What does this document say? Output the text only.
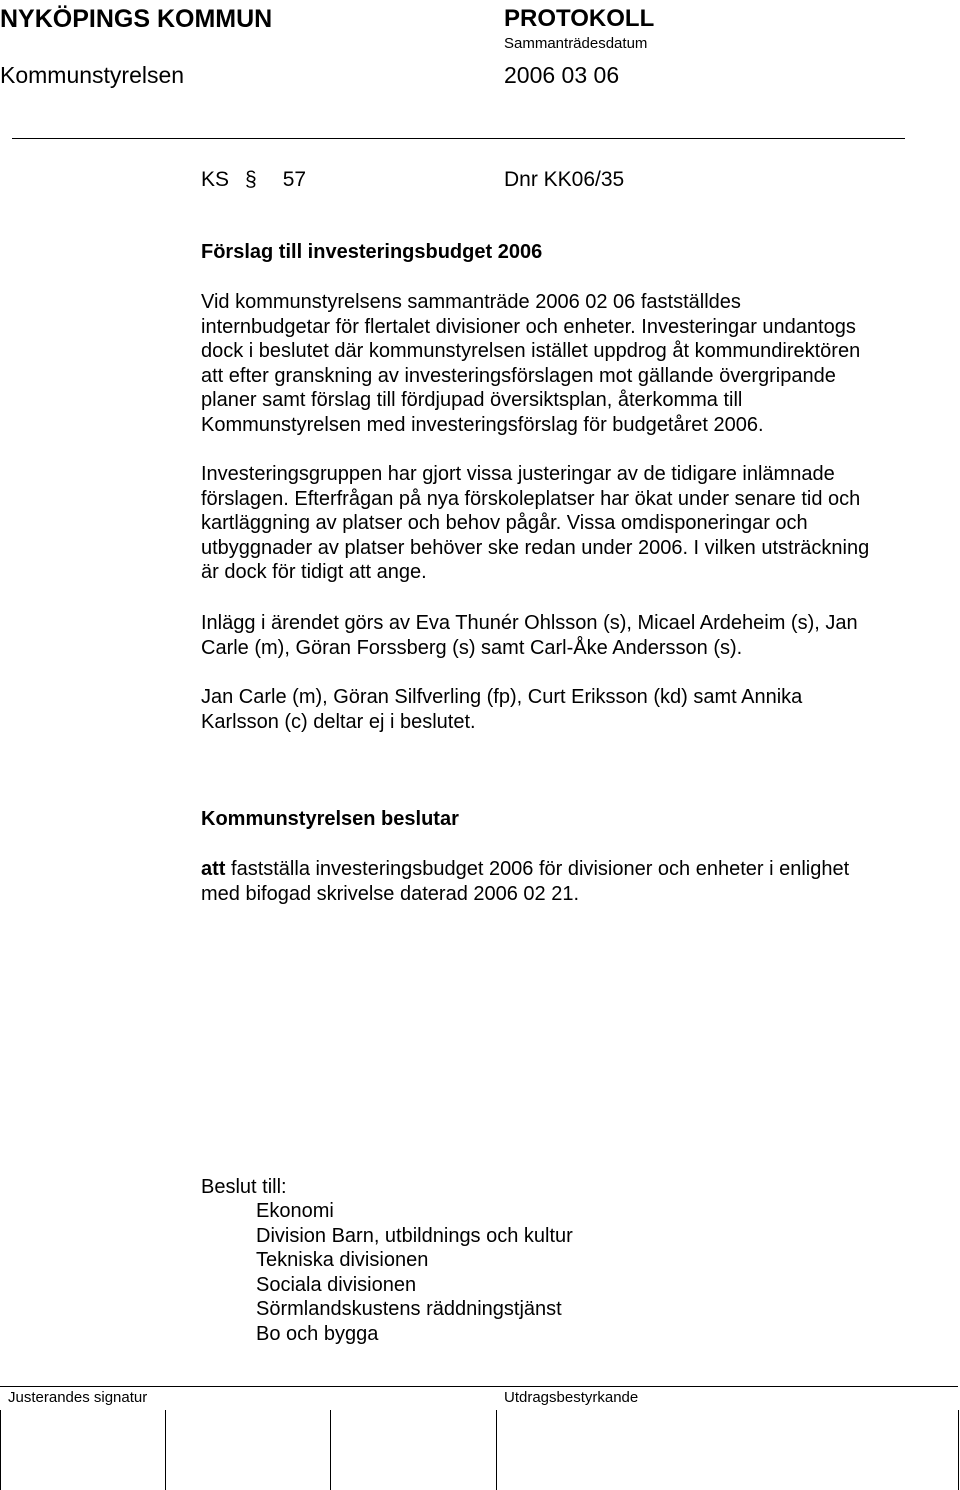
NYKÖPINGS KOMMUN	PROTOKOLL
Sammanträdesdatum
Kommunstyrelsen	2006 03 06
KS § 57	Dnr KK06/35
Förslag till investeringsbudget 2006
Vid kommunstyrelsens sammanträde 2006 02 06 fastställdes
internbudgetar för flertalet divisioner och enheter. Investeringar undantogs
dock i beslutet där kommunstyrelsen istället uppdrog åt kommundirektören
att efter granskning av investeringsförslagen mot gällande övergripande
planer samt förslag till fördjupad översiktsplan, återkomma till
Kommunstyrelsen med investeringsförslag för budgetåret 2006.
Investeringsgruppen har gjort vissa justeringar av de tidigare inlämnade
förslagen. Efterfrågan på nya förskoleplatser har ökat under senare tid och
kartläggning av platser och behov pågår. Vissa omdisponeringar och
utbyggnader av platser behöver ske redan under 2006. I vilken utsträckning
är dock för tidigt att ange.
Inlägg i ärendet görs av Eva Thunér Ohlsson (s), Micael Ardeheim (s), Jan
Carle (m), Göran Forssberg (s) samt Carl-Åke Andersson (s).
Jan Carle (m), Göran Silfverling (fp), Curt Eriksson (kd) samt Annika
Karlsson (c) deltar ej i beslutet.
Kommunstyrelsen beslutar
att fastställa investeringsbudget 2006 för divisioner och enheter i enlighet
med bifogad skrivelse daterad 2006 02 21.
Beslut till:
Ekonomi
Division Barn, utbildnings och kultur
Tekniska divisionen
Sociala divisionen
Sörmlandskustens räddningstjänst
Bo och bygga
Justerandes signatur	Utdragsbestyrkande
